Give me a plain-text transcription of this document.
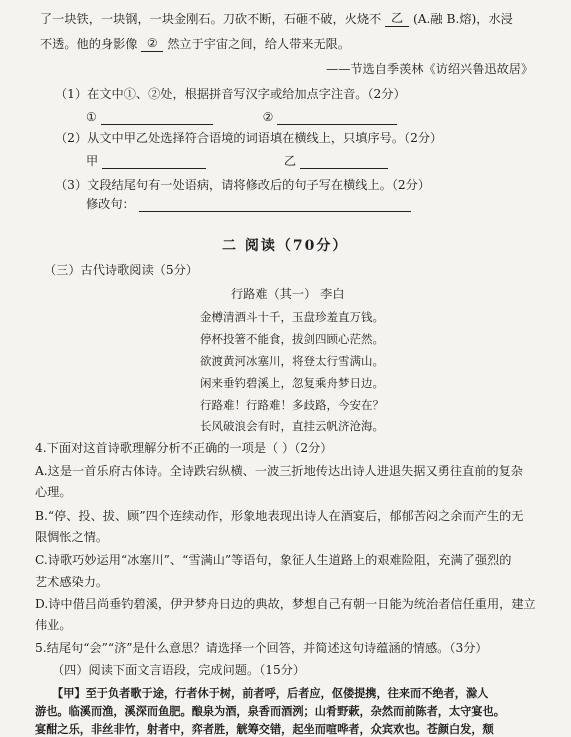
了一块铁，一块钢，一块金刚石。刀砍不断，石砸不破，火烧不 乙 (A.融 B.熔)，水浸
不透。他的身影像 ② 然立于宇宙之间，给人带来无限。
——节选自季羡林《访绍兴鲁迅故居》
（1）在文中①、②处，根据拼音写汉字或给加点字注音。（2分）
①	②
（2）从文中甲乙处选择符合语境的词语填在横线上，只填序号。（2分）
甲	乙
（3）文段结尾句有一处语病，请将修改后的句子写在横线上。（2分）
修改句：
二 阅读（70分）
（三）古代诗歌阅读（5分）
行路难（其一） 李白
金樽清酒斗十千，玉盘珍羞直万钱。
停杯投箸不能食，拔剑四顾心茫然。
欲渡黄河冰塞川，将登太行雪满山。
闲来垂钓碧溪上，忽复乘舟梦日边。
行路难！行路难！多歧路，今安在？
长风破浪会有时，直挂云帆济沧海。
4.下面对这首诗歌理解分析不正确的一项是（ ）（2分）
A.这是一首乐府古体诗。全诗跌宕纵横、一波三折地传达出诗人进退失据又勇往直前的复杂
心理。
B.“停、投、拔、顾”四个连续动作，形象地表现出诗人在酒宴后，郁郁苦闷之余而产生的无
限惆怅之情。
C.诗歌巧妙运用“冰塞川”、“雪满山”等语句，象征人生道路上的艰难险阻，充满了强烈的
艺术感染力。
D.诗中借吕尚垂钓碧溪，伊尹梦舟日边的典故，梦想自己有朝一日能为统治者信任重用，建立
伟业。
5.结尾句“会”“济”是什么意思？请选择一个回答，并简述这句诗蕴涵的情感。（3分）
（四）阅读下面文言语段，完成问题。（15分）
【甲】至于负者歌于途，行者休于树，前者呼，后者应，伛偻提携，往来而不绝者，滁人
游也。临溪而渔，溪深而鱼肥。酿泉为酒，泉香而酒洌；山肴野蔌，杂然而前陈者，太守宴也。
宴酣之乐，非丝非竹，射者中，弈者胜，觥筹交错，起坐而喧哗者，众宾欢也。苍颜白发，颓
